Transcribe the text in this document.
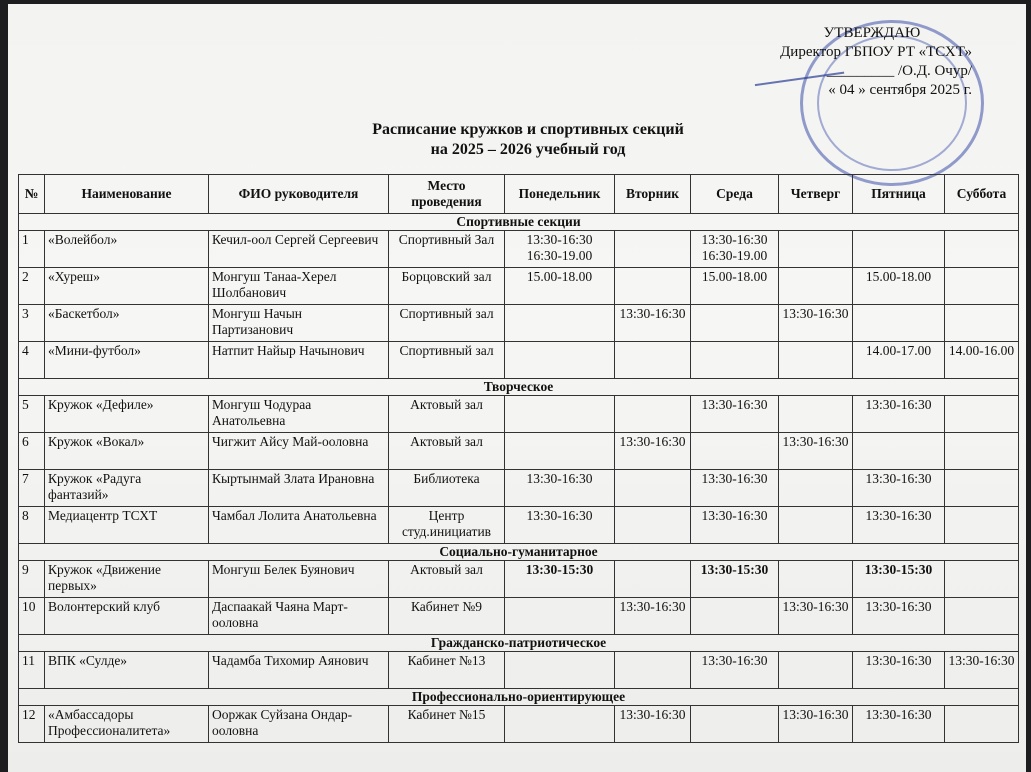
УТВЕРЖДАЮ
Директор ГБПОУ РТ «ТСХТ»
_________ /О.Д. Очур/
« 04 » сентября 2025 г.
Расписание кружков и спортивных секций
на 2025 – 2026 учебный год
№	Наименование	ФИО руководителя	Место проведения	Понедельник	Вторник	Среда	Четверг	Пятница	Суббота
Спортивные секции									
1	«Волейбол»	Кечил-оол Сергей Сергеевич	Спортивный Зал	13:30-16:30 16:30-19.00		13:30-16:30 16:30-19.00			
2	«Хуреш»	Монгуш Танаа-Херел Шолбанович	Борцовский зал	15.00-18.00		15.00-18.00		15.00-18.00	
3	«Баскетбол»	Монгуш Начын Партизанович	Спортивный зал		13:30-16:30		13:30-16:30		
4	«Мини-футбол»	Натпит Найыр Начынович	Спортивный зал					14.00-17.00	14.00-16.00
Творческое									
5	Кружок «Дефиле»	Монгуш Чодураа Анатольевна	Актовый зал			13:30-16:30		13:30-16:30	
6	Кружок «Вокал»	Чигжит Айсу Май-ооловна	Актовый зал		13:30-16:30		13:30-16:30		
7	Кружок «Радуга фантазий»	Кыртынмай Злата Ирановна	Библиотека	13:30-16:30		13:30-16:30		13:30-16:30	
8	Медиацентр ТСХТ	Чамбал Лолита Анатольевна	Центр студ.инициатив	13:30-16:30		13:30-16:30		13:30-16:30	
Социально-гуманитарное									
9	Кружок «Движение первых»	Монгуш Белек Буянович	Актовый зал	13:30-15:30		13:30-15:30		13:30-15:30	
10	Волонтерский клуб	Даспаакай Чаяна Март-ооловна	Кабинет №9		13:30-16:30		13:30-16:30	13:30-16:30	
Гражданско-патриотическое									
11	ВПК «Сулде»	Чадамба Тихомир Аянович	Кабинет №13			13:30-16:30		13:30-16:30	13:30-16:30
Профессионально-ориентирующее									
12	«Амбассадоры Профессионалитета»	Ооржак Суйзана Ондар-ооловна	Кабинет №15		13:30-16:30		13:30-16:30	13:30-16:30	
